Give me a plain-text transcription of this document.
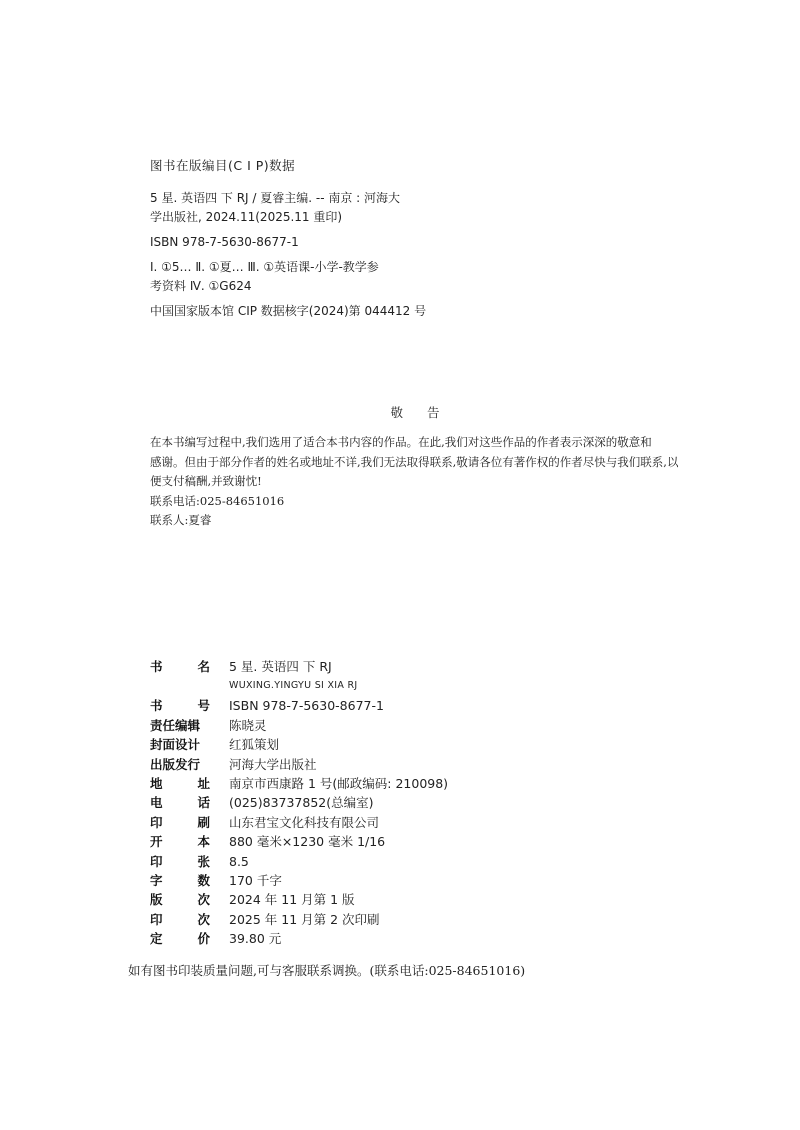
图书在版编目(C I P)数据
5 星. 英语四 下 RJ / 夏睿主编. -- 南京 : 河海大
学出版社, 2024.11(2025.11 重印)
ISBN 978-7-5630-8677-1
Ⅰ. ①5… Ⅱ. ①夏… Ⅲ. ①英语课-小学-教学参
考资料 Ⅳ. ①G624
中国国家版本馆 CIP 数据核字(2024)第 044412 号
敬告
在本书编写过程中,我们选用了适合本书内容的作品。在此,我们对这些作品的作者表示深深的敬意和
感谢。但由于部分作者的姓名或地址不详,我们无法取得联系,敬请各位有著作权的作者尽快与我们联系,以
便支付稿酬,并致谢忱!
联系电话:025-84651016
联系人:夏睿
书	名 5 星. 英语四 下 RJ
WUXING.YINGYU SI XIA RJ
书	号 ISBN 978-7-5630-8677-1
责任编辑 陈晓灵
封面设计 红狐策划
出版发行 河海大学出版社
地	址 南京市西康路 1 号(邮政编码: 210098)
电	话 (025)83737852(总编室)
印	刷 山东君宝文化科技有限公司
开	本 880 毫米×1230 毫米 1/16
印	张 8.5
字	数 170 千字
版	次 2024 年 11 月第 1 版
印	次 2025 年 11 月第 2 次印刷
定	价 39.80 元
如有图书印装质量问题,可与客服联系调换。(联系电话:025-84651016)
